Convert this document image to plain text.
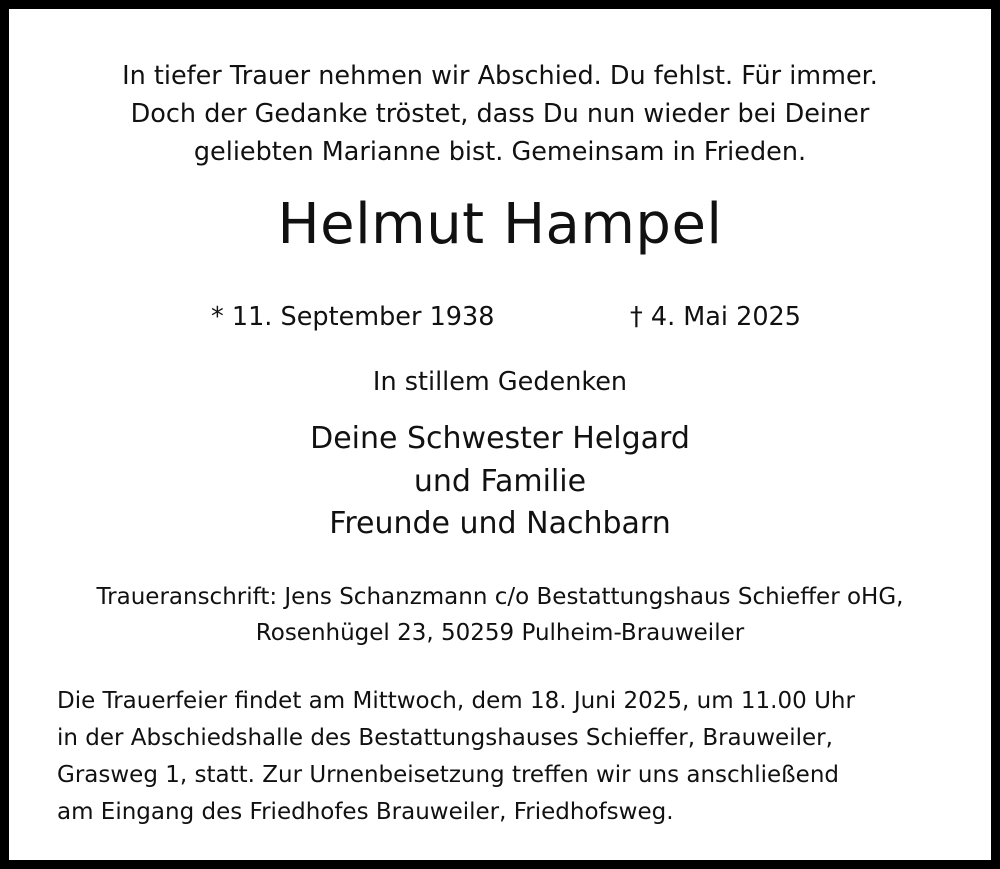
In tiefer Trauer nehmen wir Abschied. Du fehlst. Für immer.
Doch der Gedanke tröstet, dass Du nun wieder bei Deiner
geliebten Marianne bist. Gemeinsam in Frieden.
Helmut Hampel
* 11. September 1938	† 4. Mai 2025
In stillem Gedenken
Deine Schwester Helgard
und Familie
Freunde und Nachbarn
Traueranschrift: Jens Schanzmann c/o Bestattungshaus Schieffer oHG,
Rosenhügel 23, 50259 Pulheim-Brauweiler
Die Trauerfeier findet am Mittwoch, dem 18. Juni 2025, um 11.00 Uhr
in der Abschiedshalle des Bestattungshauses Schieffer, Brauweiler,
Grasweg 1, statt. Zur Urnenbeisetzung treffen wir uns anschließend
am Eingang des Friedhofes Brauweiler, Friedhofsweg.
